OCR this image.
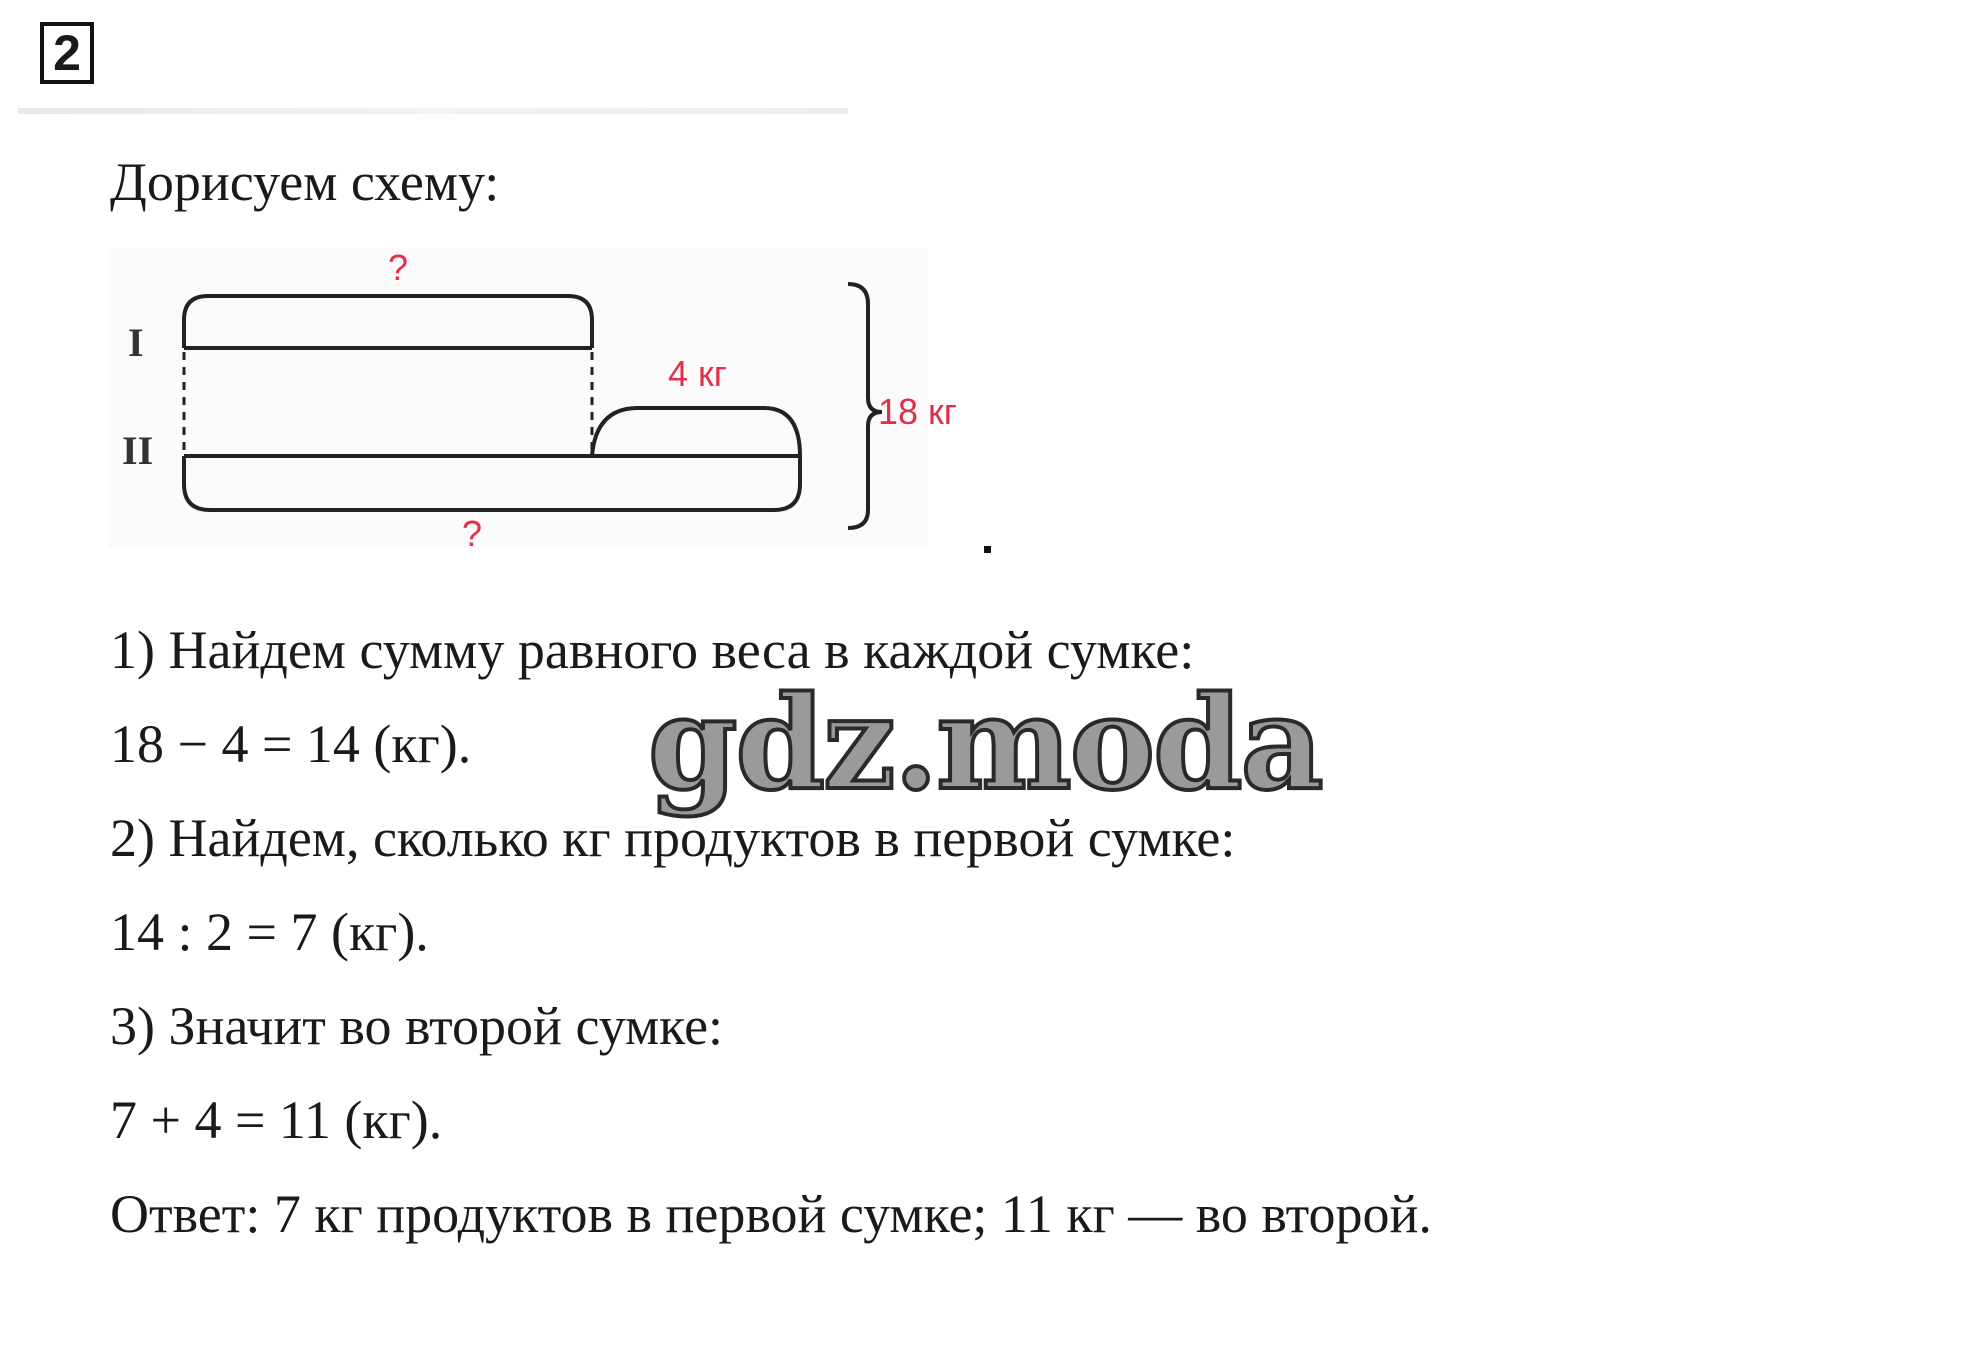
2
Дорисуем схему:
I
II
?
?
4 кг
18 кг
1) Найдем сумму равного веса в каждой сумке:
18 − 4 = 14 (кг).
2) Найдем, сколько кг продуктов в первой сумке:
14 : 2 = 7 (кг).
3) Значит во второй сумке:
7 + 4 = 11 (кг).
Ответ: 7 кг продуктов в первой сумке; 11 кг — во второй.
gdz.moda
